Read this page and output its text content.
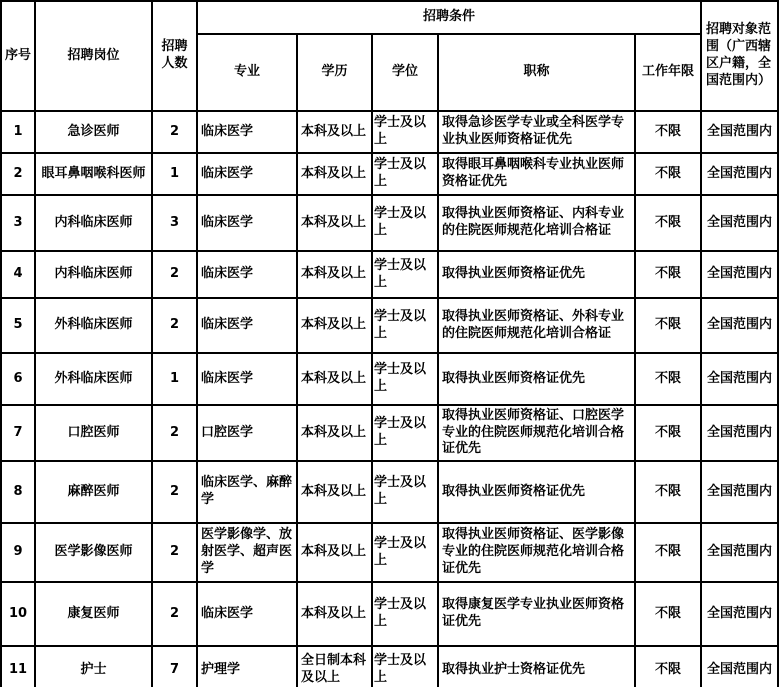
序号	招聘岗位	招聘人数	招聘条件					招聘对象范围（广西辖区户籍，全国范围内）
			专业	学历	学位	职称	工作年限	
1	急诊医师	2	临床医学	本科及以上	学士及以上	取得急诊医学专业或全科医学专业执业医师资格证优先	不限	全国范围内
2	眼耳鼻咽喉科医师	1	临床医学	本科及以上	学士及以上	取得眼耳鼻咽喉科专业执业医师资格证优先	不限	全国范围内
3	内科临床医师	3	临床医学	本科及以上	学士及以上	取得执业医师资格证、内科专业的住院医师规范化培训合格证	不限	全国范围内
4	内科临床医师	2	临床医学	本科及以上	学士及以上	取得执业医师资格证优先	不限	全国范围内
5	外科临床医师	2	临床医学	本科及以上	学士及以上	取得执业医师资格证、外科专业的住院医师规范化培训合格证	不限	全国范围内
6	外科临床医师	1	临床医学	本科及以上	学士及以上	取得执业医师资格证优先	不限	全国范围内
7	口腔医师	2	口腔医学	本科及以上	学士及以上	取得执业医师资格证、口腔医学专业的住院医师规范化培训合格证优先	不限	全国范围内
8	麻醉医师	2	临床医学、麻醉学	本科及以上	学士及以上	取得执业医师资格证优先	不限	全国范围内
9	医学影像医师	2	医学影像学、放射医学、超声医学	本科及以上	学士及以上	取得执业医师资格证、医学影像专业的住院医师规范化培训合格证优先	不限	全国范围内
10	康复医师	2	临床医学	本科及以上	学士及以上	取得康复医学专业执业医师资格证优先	不限	全国范围内
11	护士	7	护理学	全日制本科及以上	学士及以上	取得执业护士资格证优先	不限	全国范围内
